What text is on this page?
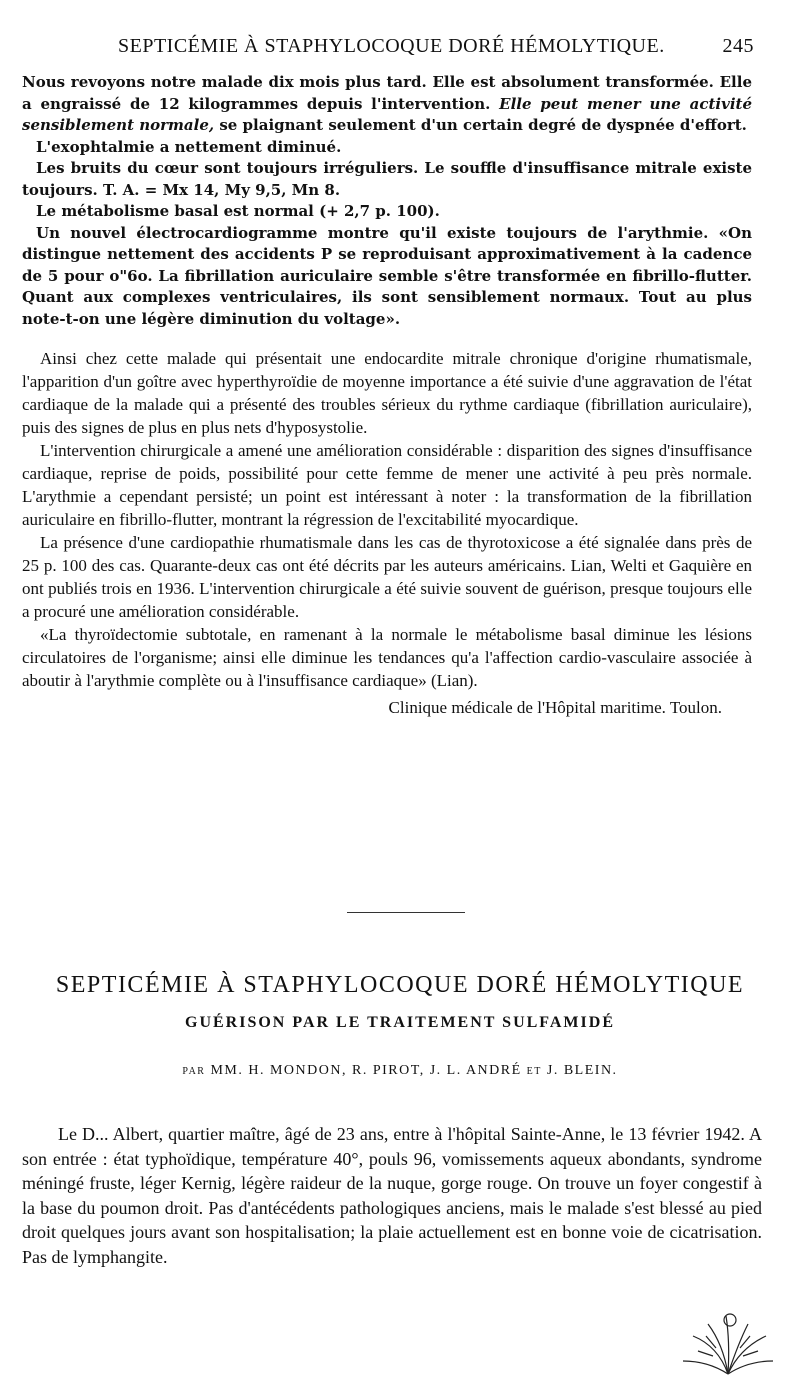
SEPTICÉMIE À STAPHYLOCOQUE DORÉ HÉMOLYTIQUE.	245

Nous revoyons notre malade dix mois plus tard. Elle est absolument transformée. Elle a engraissé de 12 kilogrammes depuis l'intervention. Elle peut mener une activité sensiblement normale, se plaignant seulement d'un certain degré de dyspnée d'effort.

L'exophtalmie a nettement diminué.

Les bruits du cœur sont toujours irréguliers. Le souffle d'insuffisance mitrale existe toujours. T. A. = Mx 14, My 9,5, Mn 8.

Le métabolisme basal est normal (+ 2,7 p. 100).

Un nouvel électrocardiogramme montre qu'il existe toujours de l'arythmie. «On distingue nettement des accidents P se reproduisant approximativement à la cadence de 5 pour o"6o. La fibrillation auriculaire semble s'être transformée en fibrillo-flutter. Quant aux complexes ventriculaires, ils sont sensiblement normaux. Tout au plus note-t-on une légère diminution du voltage».

Ainsi chez cette malade qui présentait une endocardite mitrale chronique d'origine rhumatismale, l'apparition d'un goître avec hyperthyroïdie de moyenne importance a été suivie d'une aggravation de l'état cardiaque de la malade qui a présenté des troubles sérieux du rythme cardiaque (fibrillation auriculaire), puis des signes de plus en plus nets d'hyposystolie.

L'intervention chirurgicale a amené une amélioration considérable : disparition des signes d'insuffisance cardiaque, reprise de poids, possibilité pour cette femme de mener une activité à peu près normale. L'arythmie a cependant persisté; un point est intéressant à noter : la transformation de la fibrillation auriculaire en fibrillo-flutter, montrant la régression de l'excitabilité myocardique.

La présence d'une cardiopathie rhumatismale dans les cas de thyrotoxicose a été signalée dans près de 25 p. 100 des cas. Quarante-deux cas ont été décrits par les auteurs américains. Lian, Welti et Gaquière en ont publiés trois en 1936. L'intervention chirurgicale a été suivie souvent de guérison, presque toujours elle a procuré une amélioration considérable.

«La thyroïdectomie subtotale, en ramenant à la normale le métabolisme basal diminue les lésions circulatoires de l'organisme; ainsi elle diminue les tendances qu'a l'affection cardio-vasculaire associée à aboutir à l'arythmie complète ou à l'insuffisance cardiaque» (Lian).

Clinique médicale de l'Hôpital maritime. Toulon.
SEPTICÉMIE À STAPHYLOCOQUE DORÉ HÉMOLYTIQUE
GUÉRISON PAR LE TRAITEMENT SULFAMIDÉ
PAR MM. H. MONDON, R. PIROT, J. L. ANDRÉ ET J. BLEIN.

Le D... Albert, quartier maître, âgé de 23 ans, entre à l'hôpital Sainte-Anne, le 13 février 1942. A son entrée : état typhoïdique, température 40°, pouls 96, vomissements aqueux abondants, syndrome méningé fruste, léger Kernig, légère raideur de la nuque, gorge rouge. On trouve un foyer congestif à la base du poumon droit. Pas d'antécédents pathologiques anciens, mais le malade s'est blessé au pied droit quelques jours avant son hospitalisation; la plaie actuellement est en bonne voie de cicatrisation. Pas de lymphangite.
